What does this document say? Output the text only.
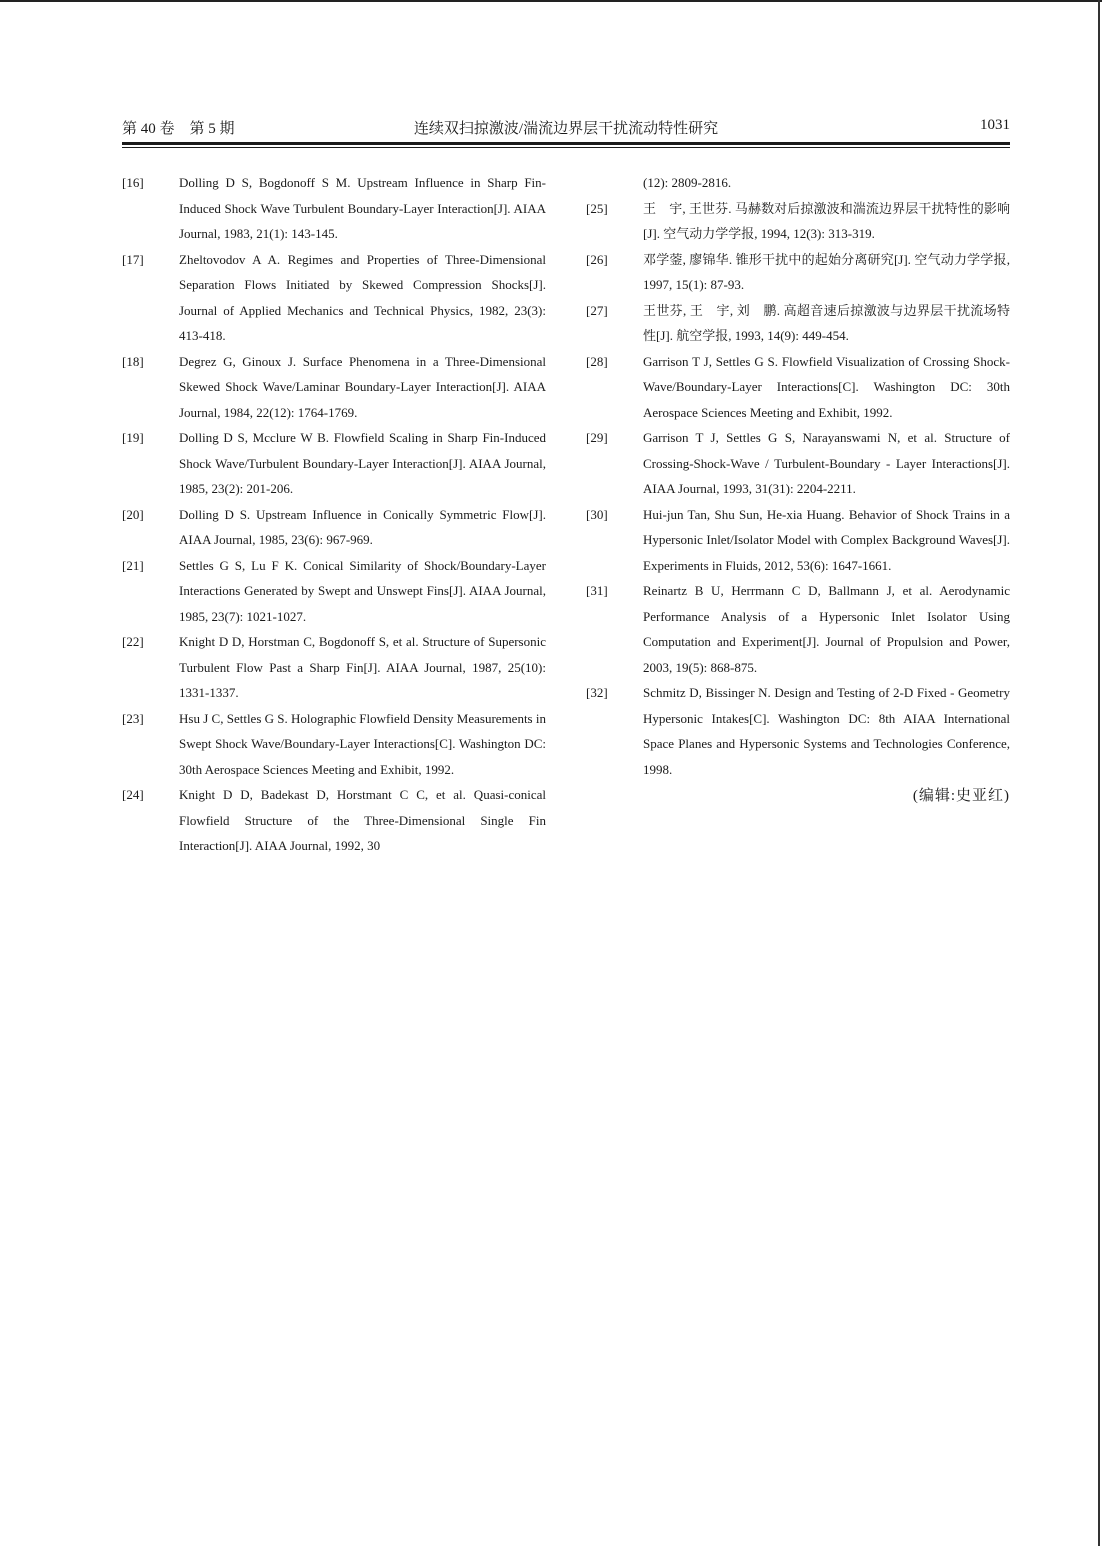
第 40 卷　第 5 期	连续双扫掠激波/湍流边界层干扰流动特性研究	1031
[16]	Dolling D S, Bogdonoff S M. Upstream Influence in Sharp Fin-Induced Shock Wave Turbulent Boundary-Layer Interaction[J]. AIAA Journal, 1983, 21(1): 143-145.
[17]	Zheltovodov A A. Regimes and Properties of Three-Dimensional Separation Flows Initiated by Skewed Compression Shocks[J]. Journal of Applied Mechanics and Technical Physics, 1982, 23(3): 413-418.
[18]	Degrez G, Ginoux J. Surface Phenomena in a Three-Dimensional Skewed Shock Wave/Laminar Boundary-Layer Interaction[J]. AIAA Journal, 1984, 22(12): 1764-1769.
[19]	Dolling D S, Mcclure W B. Flowfield Scaling in Sharp Fin-Induced Shock Wave/Turbulent Boundary-Layer Interaction[J]. AIAA Journal, 1985, 23(2): 201-206.
[20]	Dolling D S. Upstream Influence in Conically Symmetric Flow[J]. AIAA Journal, 1985, 23(6): 967-969.
[21]	Settles G S, Lu F K. Conical Similarity of Shock/Boundary-Layer Interactions Generated by Swept and Unswept Fins[J]. AIAA Journal, 1985, 23(7): 1021-1027.
[22]	Knight D D, Horstman C, Bogdonoff S, et al. Structure of Supersonic Turbulent Flow Past a Sharp Fin[J]. AIAA Journal, 1987, 25(10): 1331-1337.
[23]	Hsu J C, Settles G S. Holographic Flowfield Density Measurements in Swept Shock Wave/Boundary-Layer Interactions[C]. Washington DC: 30th Aerospace Sciences Meeting and Exhibit, 1992.
[24]	Knight D D, Badekast D, Horstmant C C, et al. Quasi-conical Flowfield Structure of the Three-Dimensional Single Fin Interaction[J]. AIAA Journal, 1992, 30
(12): 2809-2816.
[25]	王　宇, 王世芬. 马赫数对后掠激波和湍流边界层干扰特性的影响[J]. 空气动力学学报, 1994, 12(3): 313-319.
[26]	邓学蓥, 廖锦华. 锥形干扰中的起始分离研究[J]. 空气动力学学报, 1997, 15(1): 87-93.
[27]	王世芬, 王　宇, 刘　鹏. 高超音速后掠激波与边界层干扰流场特性[J]. 航空学报, 1993, 14(9): 449-454.
[28]	Garrison T J, Settles G S. Flowfield Visualization of Crossing Shock-Wave/Boundary-Layer Interactions[C]. Washington DC: 30th Aerospace Sciences Meeting and Exhibit, 1992.
[29]	Garrison T J, Settles G S, Narayanswami N, et al. Structure of Crossing-Shock-Wave / Turbulent-Boundary - Layer Interactions[J]. AIAA Journal, 1993, 31(31): 2204-2211.
[30]	Hui-jun Tan, Shu Sun, He-xia Huang. Behavior of Shock Trains in a Hypersonic Inlet/Isolator Model with Complex Background Waves[J]. Experiments in Fluids, 2012, 53(6): 1647-1661.
[31]	Reinartz B U, Herrmann C D, Ballmann J, et al. Aerodynamic Performance Analysis of a Hypersonic Inlet Isolator Using Computation and Experiment[J]. Journal of Propulsion and Power, 2003, 19(5): 868-875.
[32]	Schmitz D, Bissinger N. Design and Testing of 2-D Fixed - Geometry Hypersonic Intakes[C]. Washington DC: 8th AIAA International Space Planes and Hypersonic Systems and Technologies Conference, 1998.
(编辑:史亚红)
